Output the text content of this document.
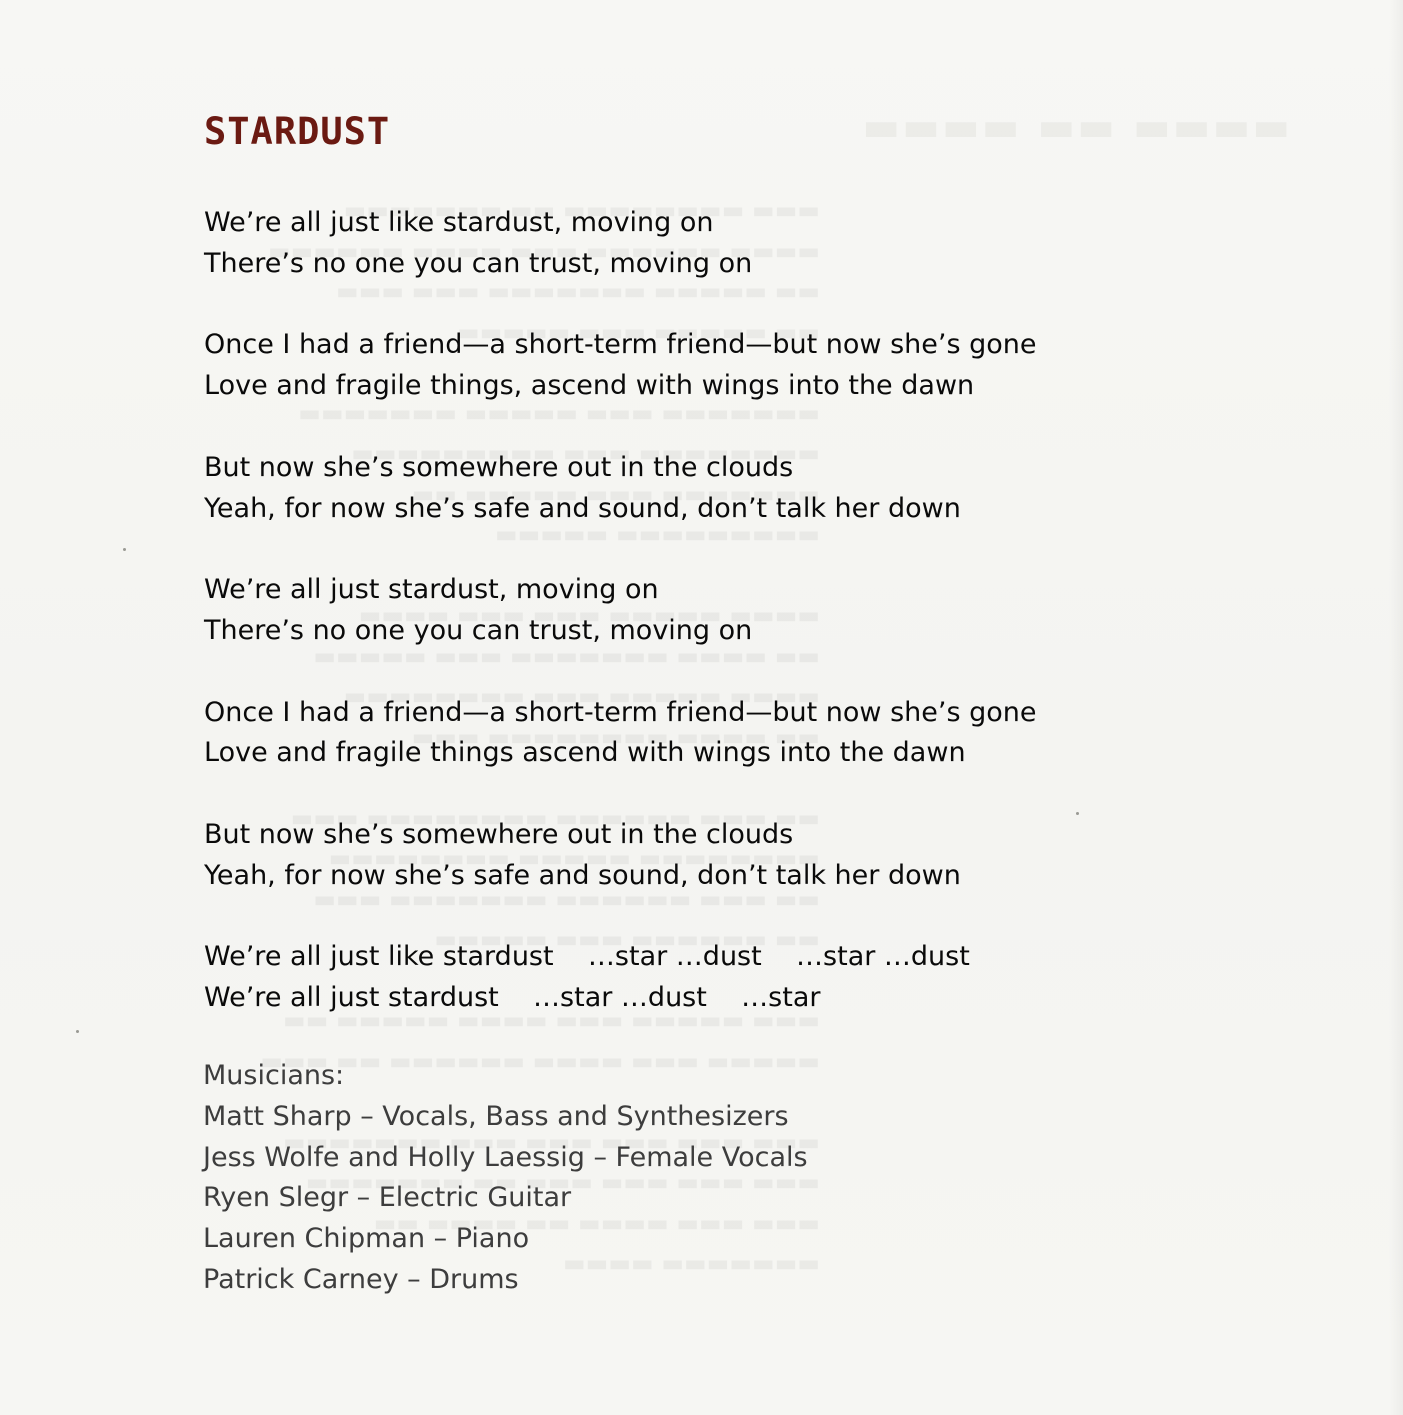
STARDUST
We’re all just like stardust, moving on
There’s no one you can trust, moving on
Once I had a friend—a short-term friend—but now she’s gone
Love and fragile things, ascend with wings into the dawn
But now she’s somewhere out in the clouds
Yeah, for now she’s safe and sound, don’t talk her down
We’re all just stardust, moving on
There’s no one you can trust, moving on
Once I had a friend—a short-term friend—but now she’s gone
Love and fragile things ascend with wings into the dawn
But now she’s somewhere out in the clouds
Yeah, for now she’s safe and sound, don’t talk her down
We’re all just like stardust    …star …dust    …star …dust
We’re all just stardust    …star …dust    …star
Musicians:
Matt Sharp – Vocals, Bass and Synthesizers
Jess Wolfe and Holly Laessig – Female Vocals
Ryen Slegr – Electric Guitar
Lauren Chipman – Piano
Patrick Carney – Drums
